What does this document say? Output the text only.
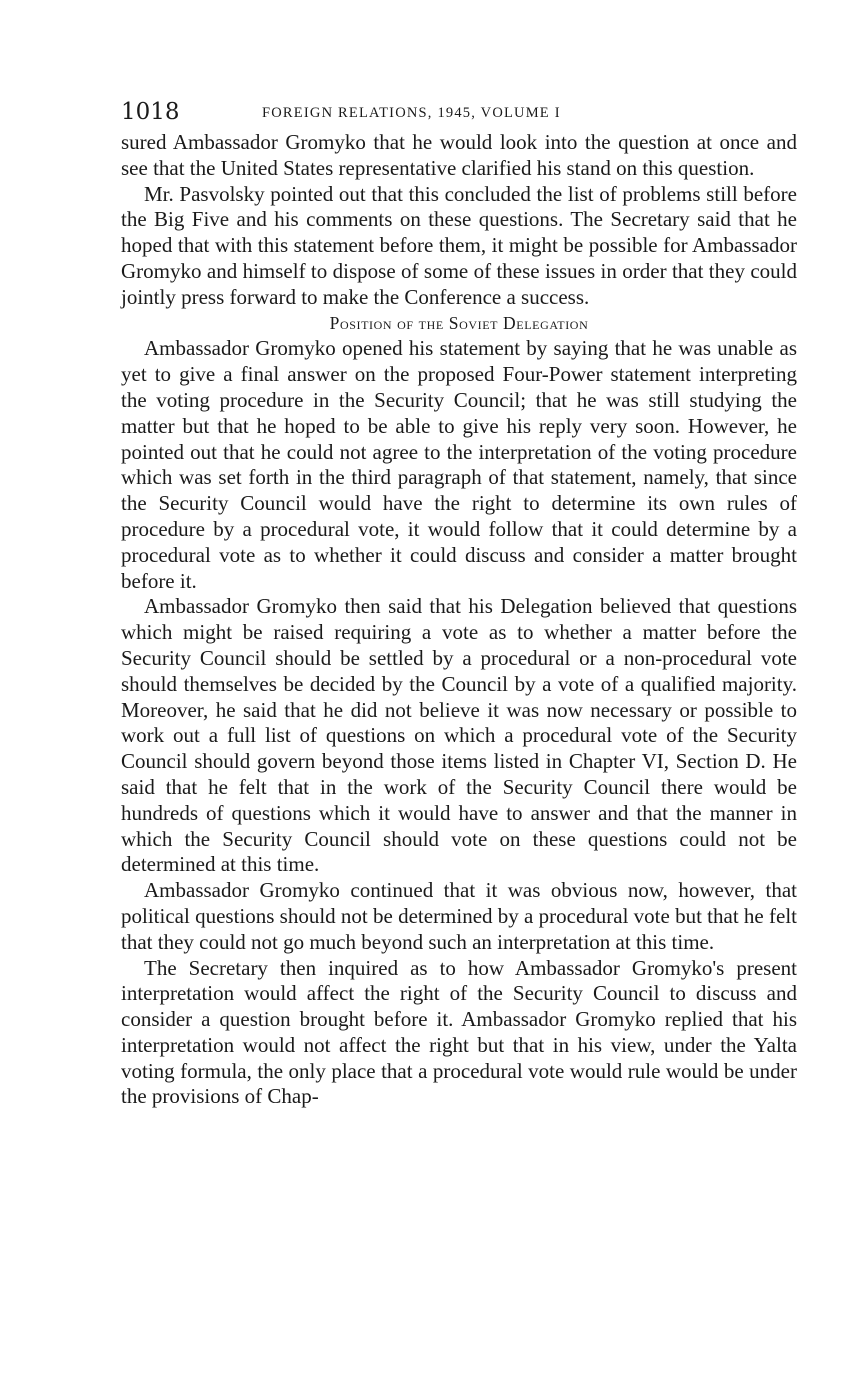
1018	FOREIGN RELATIONS, 1945, VOLUME I

sured Ambassador Gromyko that he would look into the question at once and see that the United States representative clarified his stand on this question.

Mr. Pasvolsky pointed out that this concluded the list of problems still before the Big Five and his comments on these questions. The Secretary said that he hoped that with this statement before them, it might be possible for Ambassador Gromyko and himself to dispose of some of these issues in order that they could jointly press forward to make the Conference a success.

Position of the Soviet Delegation

Ambassador Gromyko opened his statement by saying that he was unable as yet to give a final answer on the proposed Four-Power statement interpreting the voting procedure in the Security Council; that he was still studying the matter but that he hoped to be able to give his reply very soon. However, he pointed out that he could not agree to the interpretation of the voting procedure which was set forth in the third paragraph of that statement, namely, that since the Security Council would have the right to determine its own rules of procedure by a procedural vote, it would follow that it could determine by a procedural vote as to whether it could discuss and consider a matter brought before it.

Ambassador Gromyko then said that his Delegation believed that questions which might be raised requiring a vote as to whether a matter before the Security Council should be settled by a procedural or a non-procedural vote should themselves be decided by the Council by a vote of a qualified majority. Moreover, he said that he did not believe it was now necessary or possible to work out a full list of questions on which a procedural vote of the Security Council should govern beyond those items listed in Chapter VI, Section D. He said that he felt that in the work of the Security Council there would be hundreds of questions which it would have to answer and that the manner in which the Security Council should vote on these questions could not be determined at this time.

Ambassador Gromyko continued that it was obvious now, however, that political questions should not be determined by a procedural vote but that he felt that they could not go much beyond such an interpretation at this time.

The Secretary then inquired as to how Ambassador Gromyko's present interpretation would affect the right of the Security Council to discuss and consider a question brought before it. Ambassador Gromyko replied that his interpretation would not affect the right but that in his view, under the Yalta voting formula, the only place that a procedural vote would rule would be under the provisions of Chap-
